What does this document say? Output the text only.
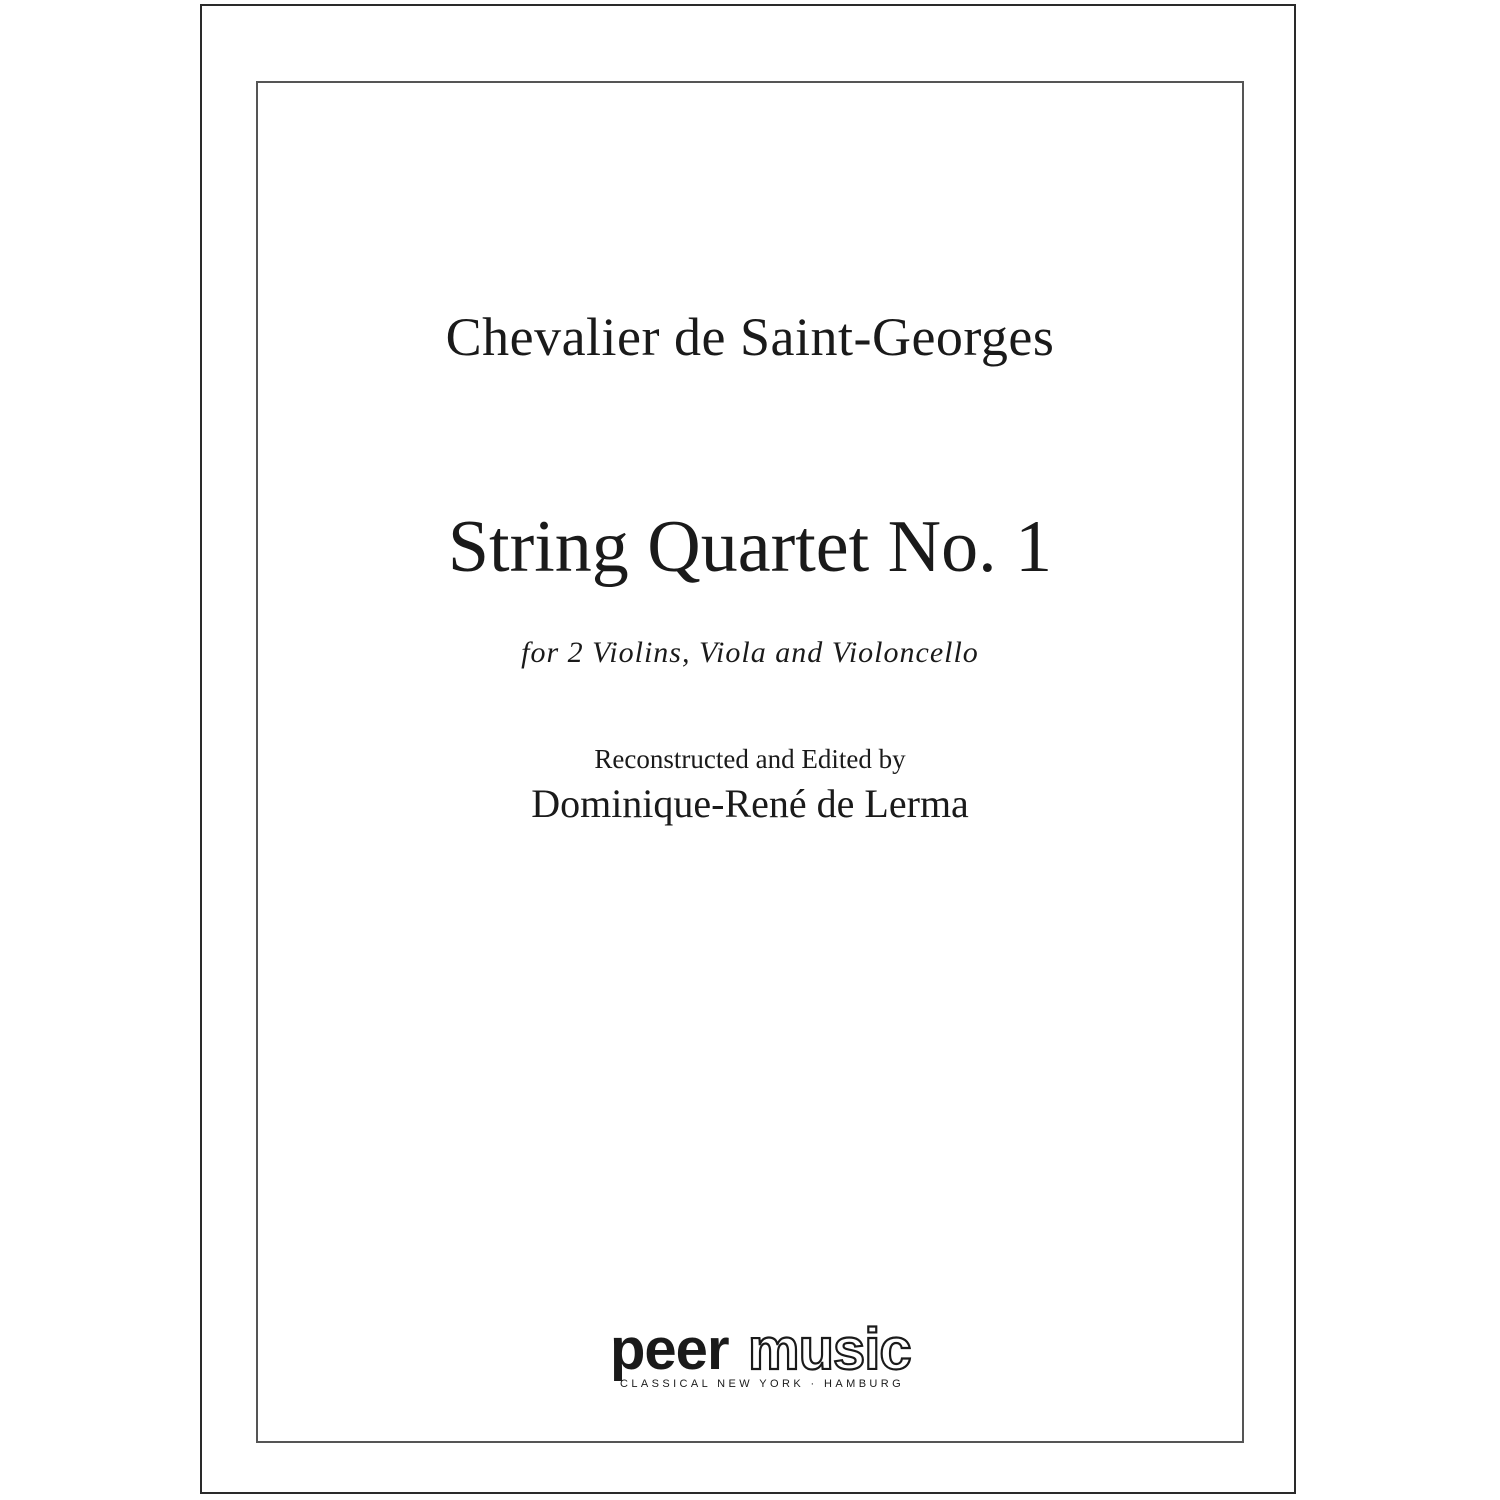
Chevalier de Saint-Georges
String Quartet No. 1
for 2 Violins, Viola and Violoncello
Reconstructed and Edited by
Dominique-René de Lerma
peer music
CLASSICAL NEW YORK · HAMBURG
